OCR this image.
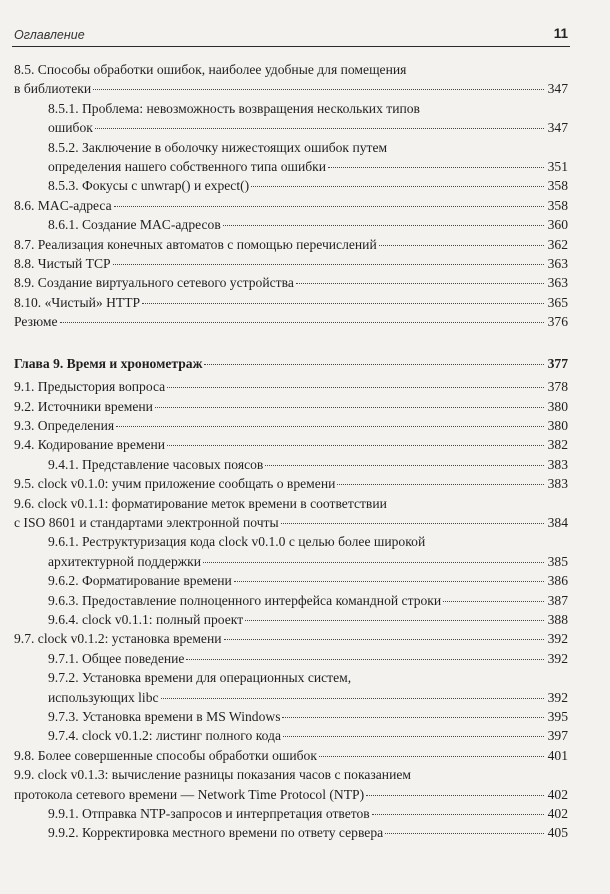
Оглавление	11
8.5. Способы обработки ошибок, наиболее удобные для помещения
в библиотеки	347
8.5.1. Проблема: невозможность возвращения нескольких типов
ошибок	347
8.5.2. Заключение в оболочку нижестоящих ошибок путем
определения нашего собственного типа ошибки	351
8.5.3. Фокусы с unwrap() и expect()	358
8.6. MAC-адреса	358
8.6.1. Создание MAC-адресов	360
8.7. Реализация конечных автоматов с помощью перечислений	362
8.8. Чистый TCP	363
8.9. Создание виртуального сетевого устройства	363
8.10. «Чистый» HTTP	365
Резюме	376
Глава 9. Время и хронометраж	377
9.1. Предыстория вопроса	378
9.2. Источники времени	380
9.3. Определения	380
9.4. Кодирование времени	382
9.4.1. Представление часовых поясов	383
9.5. clock v0.1.0: учим приложение сообщать о времени	383
9.6. clock v0.1.1: форматирование меток времени в соответствии
с ISO 8601 и стандартами электронной почты	384
9.6.1. Реструктуризация кода clock v0.1.0 с целью более широкой
архитектурной поддержки	385
9.6.2. Форматирование времени	386
9.6.3. Предоставление полноценного интерфейса командной строки	387
9.6.4. clock v0.1.1: полный проект	388
9.7. clock v0.1.2: установка времени	392
9.7.1. Общее поведение	392
9.7.2. Установка времени для операционных систем,
использующих libc	392
9.7.3. Установка времени в MS Windows	395
9.7.4. clock v0.1.2: листинг полного кода	397
9.8. Более совершенные способы обработки ошибок	401
9.9. clock v0.1.3: вычисление разницы показания часов с показанием
протокола сетевого времени — Network Time Protocol (NTP)	402
9.9.1. Отправка NTP-запросов и интерпретация ответов	402
9.9.2. Корректировка местного времени по ответу сервера	405
